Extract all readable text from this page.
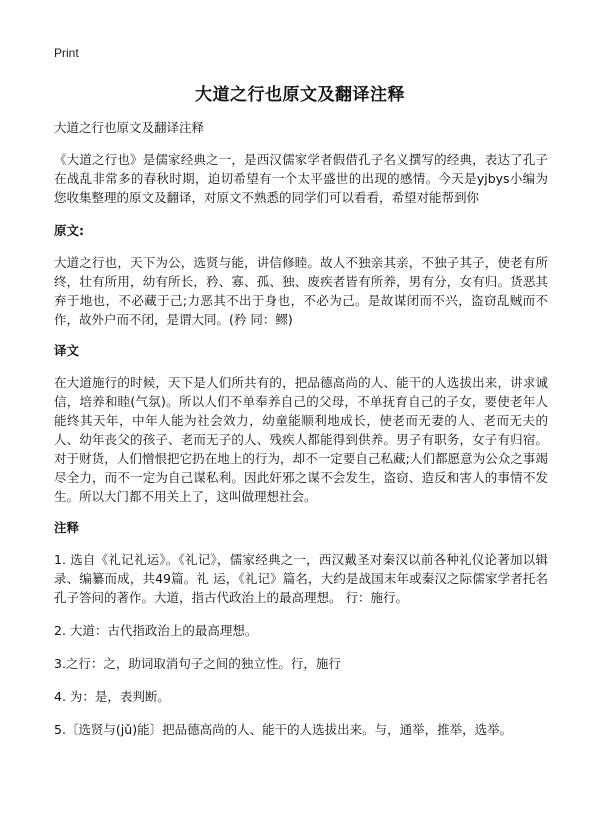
Print
大道之行也原文及翻译注释

大道之行也原文及翻译注释

《大道之行也》是儒家经典之一，是西汉儒家学者假借孔子名义撰写的经典，表达了孔子在战乱非常多的春秋时期，迫切希望有一个太平盛世的出现的感情。今天是yjbys小编为您收集整理的原文及翻译，对原文不熟悉的同学们可以看看，希望对能帮到你

原文:

大道之行也，天下为公，选贤与能，讲信修睦。故人不独亲其亲，不独子其子，使老有所终，壮有所用，幼有所长，矜、寡、孤、独、废疾者皆有所养，男有分，女有归。货恶其弃于地也，不必藏于己;力恶其不出于身也，不必为己。是故谋闭而不兴，盗窃乱贼而不作，故外户而不闭，是谓大同。(矜 同：鳏)

译文

在大道施行的时候，天下是人们所共有的，把品德高尚的人、能干的人选拔出来，讲求诚信，培养和睦(气氛)。所以人们不单奉养自己的父母，不单抚育自己的子女，要使老年人能终其天年，中年人能为社会效力，幼童能顺利地成长，使老而无妻的人、老而无夫的人、幼年丧父的孩子、老而无子的人、残疾人都能得到供养。男子有职务，女子有归宿。对于财货，人们憎恨把它扔在地上的行为，却不一定要自己私藏;人们都愿意为公众之事竭尽全力，而不一定为自己谋私利。因此奸邪之谋不会发生，盗窃、造反和害人的事情不发生。所以大门都不用关上了，这叫做理想社会。

注释

1. 选自《礼记礼运》。《礼记》，儒家经典之一，西汉戴圣对秦汉以前各种礼仪论著加以辑录、编纂而成，共49篇。礼 运，《礼记》篇名，大约是战国末年或秦汉之际儒家学者托名孔子答问的著作。大道，指古代政治上的最高理想。 行：施行。

2. 大道：古代指政治上的最高理想。

3.之行：之，助词取消句子之间的独立性。行，施行

4. 为：是，表判断。

5.〔选贤与(jǔ)能〕把品德高尚的人、能干的人选拔出来。与，通举，推举，选举。
